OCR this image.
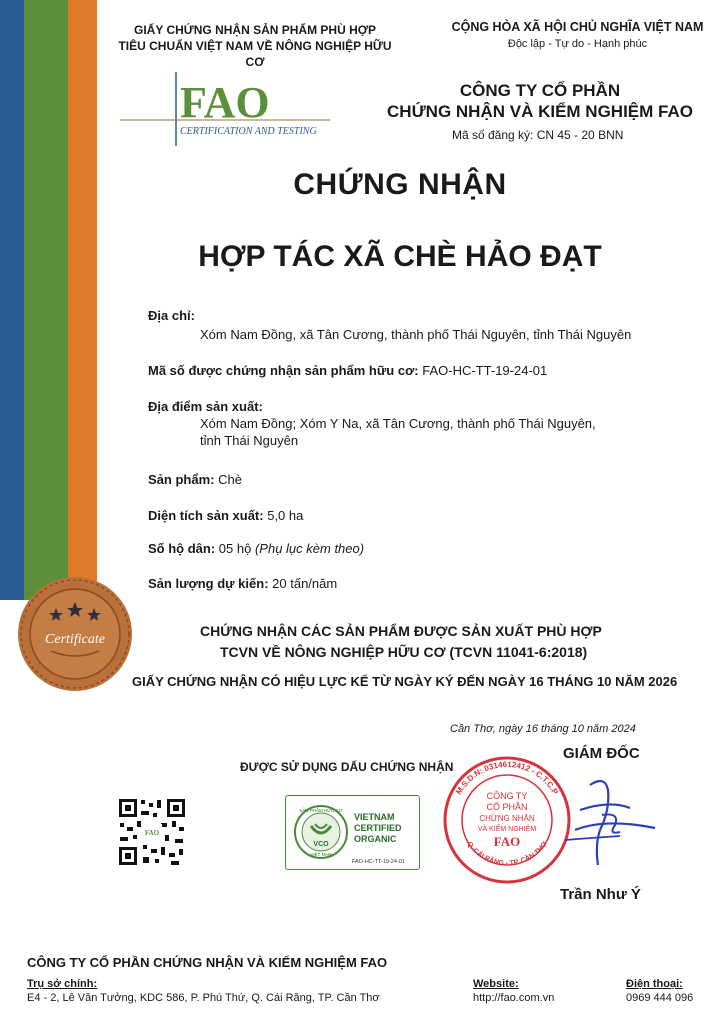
Certificate
GIẤY CHỨNG NHẬN SẢN PHẨM PHÙ HỢP
TIÊU CHUẨN VIỆT NAM VỀ NÔNG NGHIỆP HỮU CƠ
CỘNG HÒA XÃ HỘI CHỦ NGHĨA VIỆT NAM
Độc lập - Tự do - Hạnh phúc
FAO
CERTIFICATION AND TESTING
CÔNG TY CỔ PHẦN
CHỨNG NHẬN VÀ KIỂM NGHIỆM FAO
Mã số đăng ký: CN 45 - 20 BNN
CHỨNG NHẬN
HỢP TÁC XÃ CHÈ HẢO ĐẠT
Địa chỉ:
Xóm Nam Đồng, xã Tân Cương, thành phố Thái Nguyên, tỉnh Thái Nguyên
Mã số được chứng nhận sản phẩm hữu cơ: FAO-HC-TT-19-24-01
Địa điểm sản xuất:
Xóm Nam Đồng; Xóm Y Na, xã Tân Cương, thành phố Thái Nguyên,
tỉnh Thái Nguyên
Sản phẩm: Chè
Diện tích sản xuất: 5,0 ha
Số hộ dân: 05 hộ (Phụ lục kèm theo)
Sản lượng dự kiến: 20 tấn/năm
CHỨNG NHẬN CÁC SẢN PHẨM ĐƯỢC SẢN XUẤT PHÙ HỢP
TCVN VỀ NÔNG NGHIỆP HỮU CƠ (TCVN 11041-6:2018)
GIẤY CHỨNG NHẬN CÓ HIỆU LỰC KỂ TỪ NGÀY KÝ ĐẾN NGÀY 16 THÁNG 10 NĂM 2026
Cần Thơ, ngày 16 tháng 10 năm 2024
ĐƯỢC SỬ DỤNG DẤU CHỨNG NHẬN
GIÁM ĐỐC
FAO
VCO
SẢN PHẨM HỮU CƠ
VIỆT NAM
VIETNAM
CERTIFIED
ORGANIC
FAO-HC-TT-19-24-01
M.S.D.N: 0314612412 - C.T.C.P
Q. CÁI RĂNG - TP. CẦN THƠ
CÔNG TY
CỔ PHẦN
CHỨNG NHẬN
VÀ KIỂM NGHIỆM
FAO
Trần Như Ý
CÔNG TY CỔ PHẦN CHỨNG NHẬN VÀ KIỂM NGHIỆM FAO
Trụ sở chính:
E4 - 2, Lê Văn Tưởng, KDC 586, P. Phú Thứ, Q. Cái Răng, TP. Cần Thơ
Website:
http://fao.com.vn
Điện thoại:
0969 444 096
